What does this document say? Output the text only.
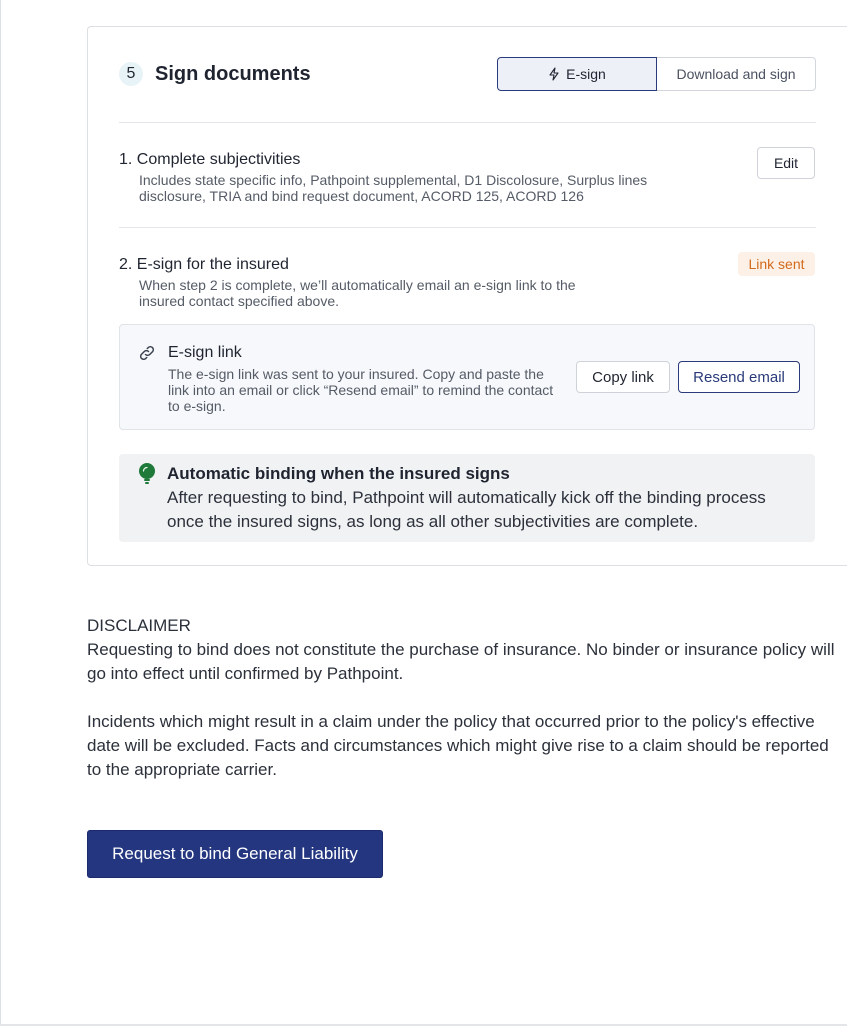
5 Sign documents	E-sign	Download and sign
1. Complete subjectivities
Includes state specific info, Pathpoint supplemental, D1 Discolosure, Surplus lines disclosure, TRIA and bind request document, ACORD 125, ACORD 126
Edit
2. E-sign for the insured
When step 2 is complete, we’ll automatically email an e-sign link to the insured contact specified above.
Link sent
E-sign link
The e-sign link was sent to your insured. Copy and paste the link into an email or click “Resend email” to remind the contact to e-sign.
Copy link	Resend email
Automatic binding when the insured signs
After requesting to bind, Pathpoint will automatically kick off the binding process once the insured signs, as long as all other subjectivities are complete.

DISCLAIMER

Requesting to bind does not constitute the purchase of insurance. No binder or insurance policy will go into effect until confirmed by Pathpoint.

Incidents which might result in a claim under the policy that occurred prior to the policy's effective date will be excluded. Facts and circumstances which might give rise to a claim should be reported to the appropriate carrier.

Request to bind General Liability
